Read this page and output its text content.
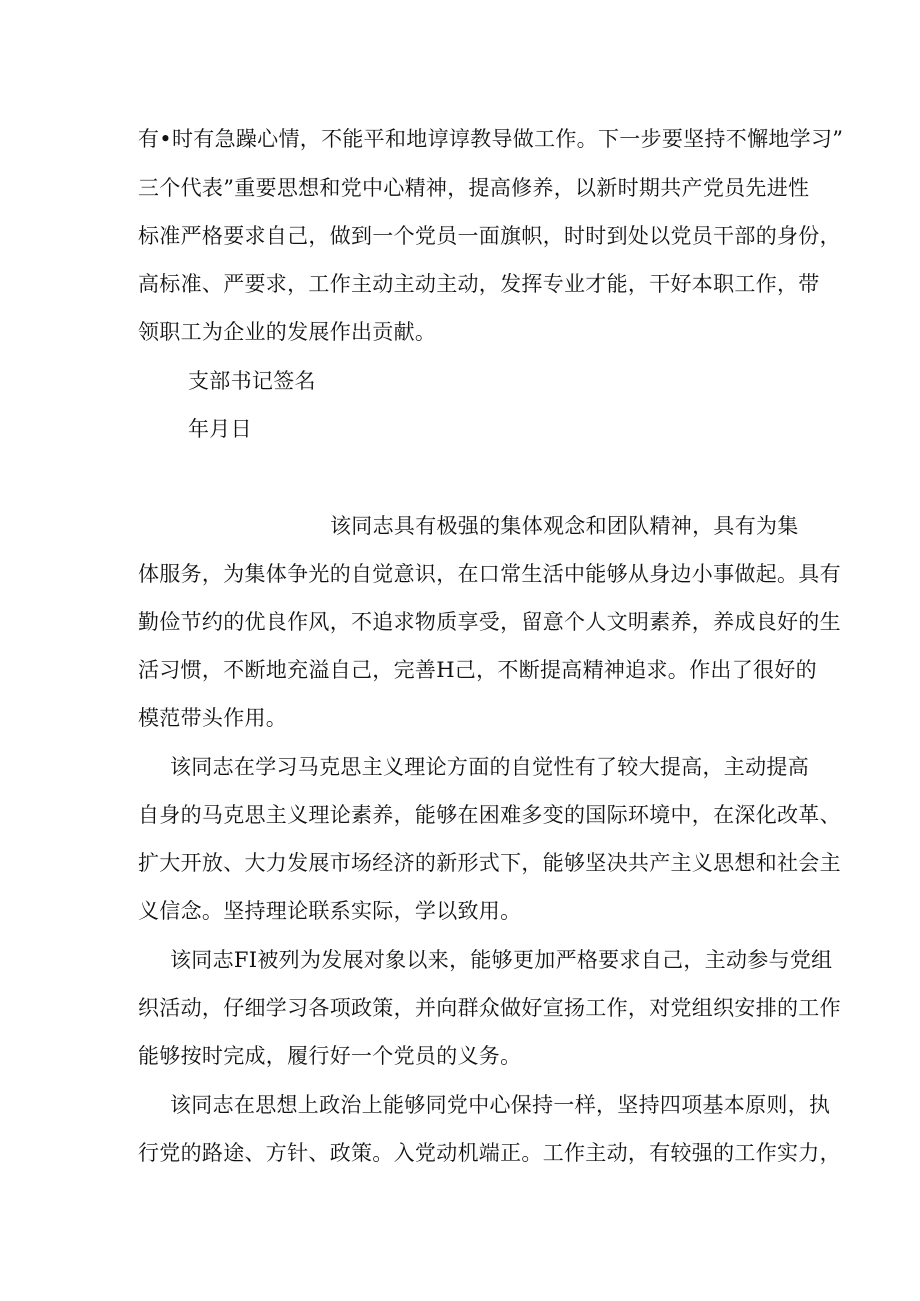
有•时有急躁心情，不能平和地谆谆教导做工作。下一步要坚持不懈地学习”
三个代表”重要思想和党中心精神，提高修养，以新时期共产党员先进性
标准严格要求自己，做到一个党员一面旗帜，时时到处以党员干部的身份，
高标准、严要求，工作主动主动主动，发挥专业才能，干好本职工作，带
领职工为企业的发展作出贡献。
支部书记签名
年月日
该同志具有极强的集体观念和团队精神，具有为集
体服务，为集体争光的自觉意识，在口常生活中能够从身边小事做起。具有
勤俭节约的优良作风，不追求物质享受，留意个人文明素养，养成良好的生
活习惯，不断地充溢自己，完善H己，不断提高精神追求。作出了很好的
模范带头作用。
该同志在学习马克思主义理论方面的自觉性有了较大提高，主动提高
自身的马克思主义理论素养，能够在困难多变的国际环境中，在深化改革、
扩大开放、大力发展市场经济的新形式下，能够坚决共产主义思想和社会主
义信念。坚持理论联系实际，学以致用。
该同志FI被列为发展对象以来，能够更加严格要求自己，主动参与党组
织活动，仔细学习各项政策，并向群众做好宣扬工作，对党组织安排的工作
能够按时完成，履行好一个党员的义务。
该同志在思想上政治上能够同党中心保持一样，坚持四项基本原则，执
行党的路途、方针、政策。入党动机端正。工作主动，有较强的工作实力，
